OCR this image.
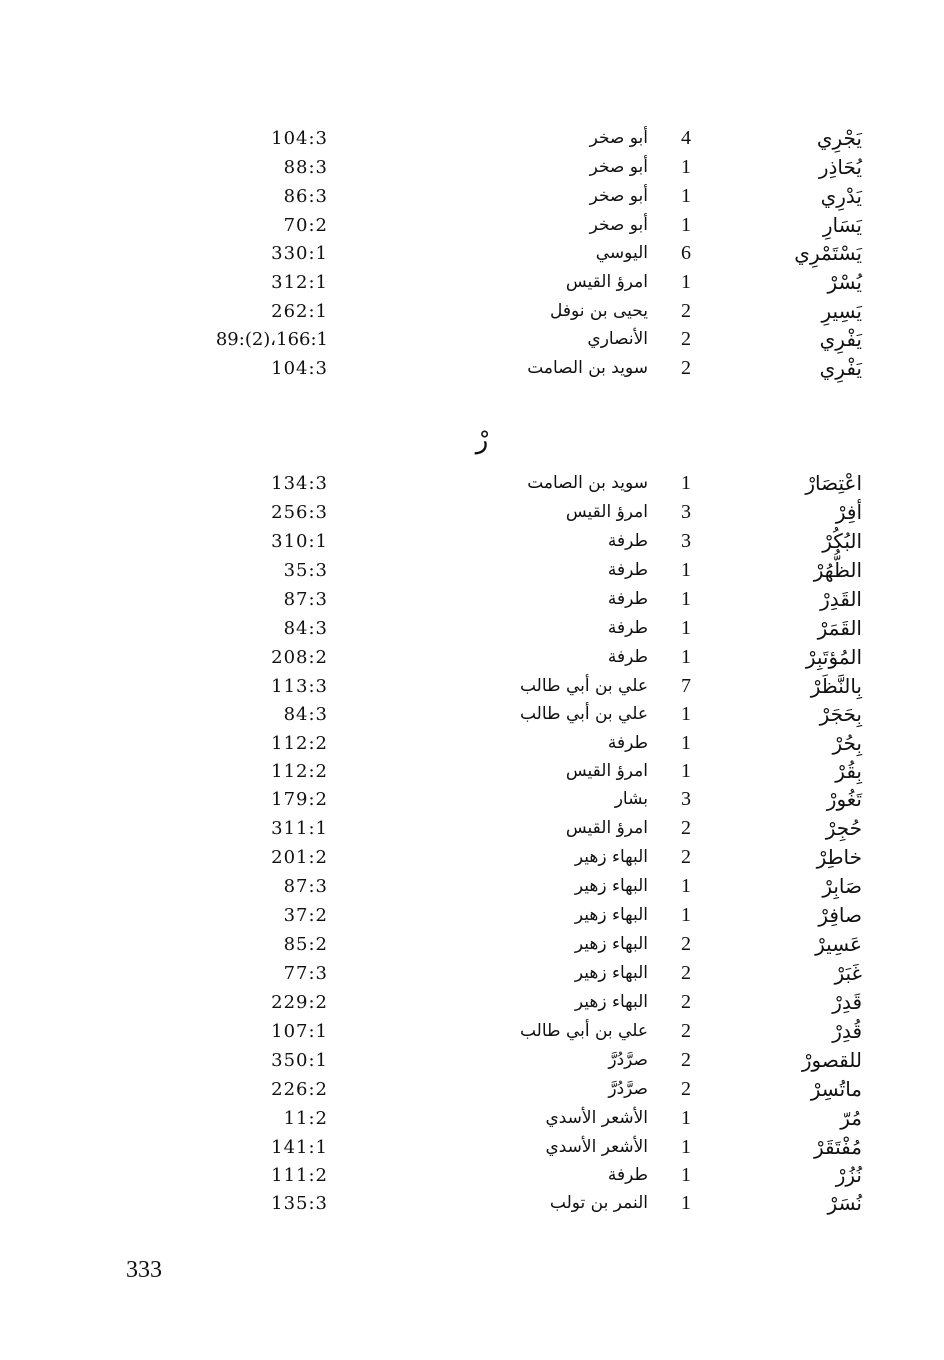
يَجْرِي
4
أبو صخر
104:3
يُحَاذِر
1
أبو صخر
88:3
يَدْرِي
1
أبو صخر
86:3
يَسَارِ
1
أبو صخر
70:2
يَسْتَمْرِي
6
اليوسي
330:1
يُسْرْ
1
امرؤ القيس
312:1
يَسِيرِ
2
يحيى بن نوفل
262:1
يَفْرِي
2
الأنصاري
89:(2)،166:1
يَفْرِي
2
سويد بن الصامت
104:3
رْ
اعْتِصَارْ
1
سويد بن الصامت
134:3
أفِرْ
3
امرؤ القيس
256:3
البُكُرْ
3
طرفة
310:1
الظُّهُرْ
1
طرفة
35:3
القَدِرْ
1
طرفة
87:3
القَمَرْ
1
طرفة
84:3
المُؤتَبِرْ
1
طرفة
208:2
بِالنَّظَرْ
7
علي بن أبي طالب
113:3
بِحَجَرْ
1
علي بن أبي طالب
84:3
بِحُرْ
1
طرفة
112:2
بِقُرْ
1
امرؤ القيس
112:2
تَغُورْ
3
بشار
179:2
حُجِرْ
2
امرؤ القيس
311:1
خاطِرْ
2
البهاء زهير
201:2
صَابِرْ
1
البهاء زهير
87:3
صافِرْ
1
البهاء زهير
37:2
عَسِيرْ
2
البهاء زهير
85:2
غَبَرْ
2
البهاء زهير
77:3
قَدِرْ
2
البهاء زهير
229:2
قُدِرْ
2
علي بن أبي طالب
107:1
للقصورْ
2
صرَّدُرَّ
350:1
ماتُسِرْ
2
صرَّدُرَّ
226:2
مُرّ
1
الأشعر الأسدي
11:2
مُفْتَقَرْ
1
الأشعر الأسدي
141:1
نُزُرْ
1
طرفة
111:2
نُسَرْ
1
النمر بن تولب
135:3
333
